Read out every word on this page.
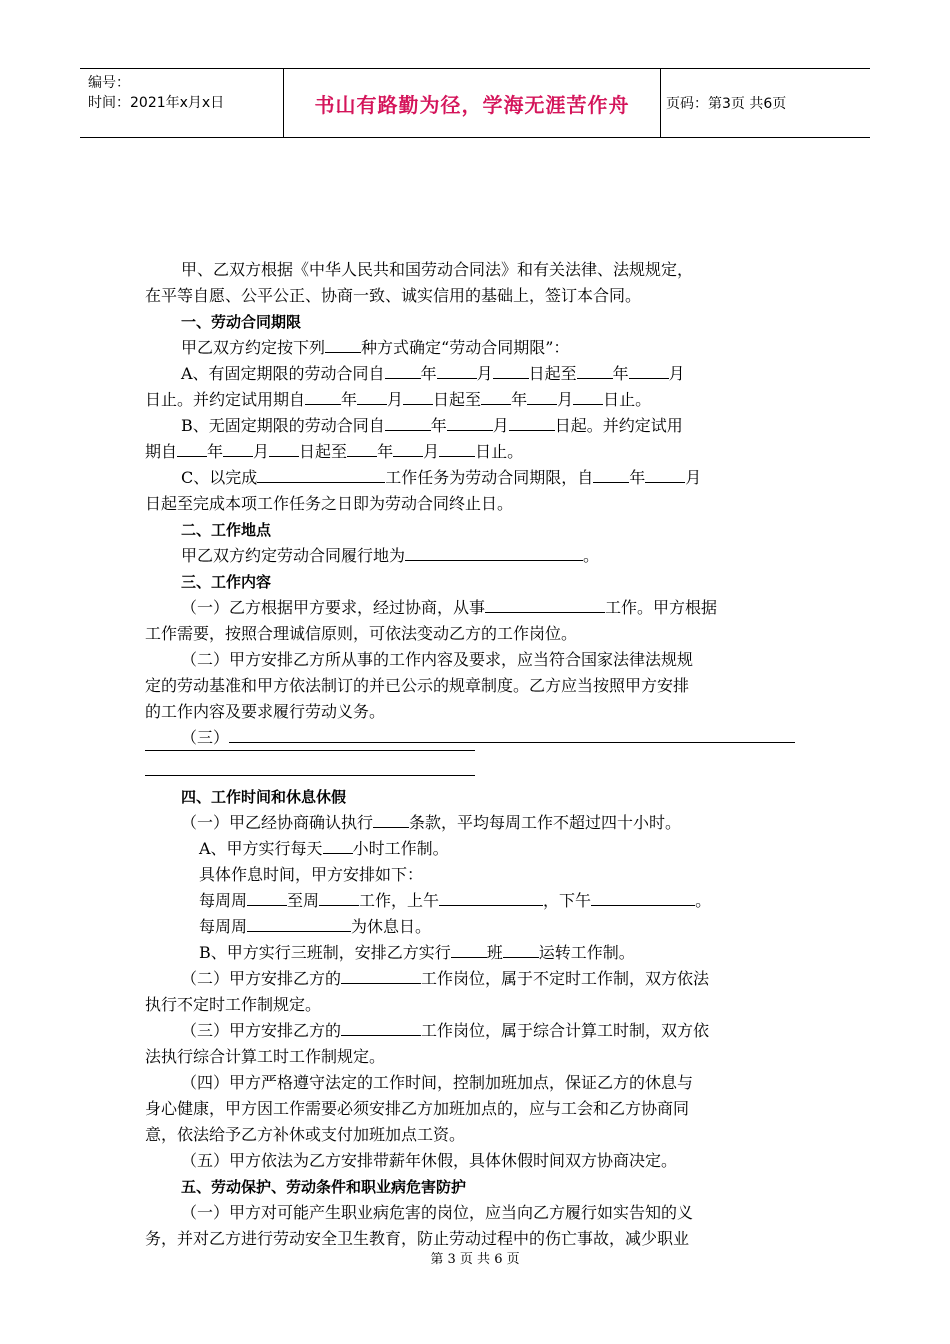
编号：
时间：2021年x月x日	书山有路勤为径，学海无涯苦作舟	页码：第3页 共6页
甲、乙双方根据《中华人民共和国劳动合同法》和有关法律、法规规定，
在平等自愿、公平公正、协商一致、诚实信用的基础上，签订本合同。
一、劳动合同期限
甲乙双方约定按下列 种方式确定“劳动合同期限”：
A、有固定期限的劳动合同自 年	月 日起至 年	月
日止。并约定试用期自 年 月 日起至 年 月 日止。
B、无固定期限的劳动合同自	年	月	日起。并约定试用
期自 年 月 日起至 年 月 日止。
C、以完成	工作任务为劳动合同期限，自 年	月
日起至完成本项工作任务之日即为劳动合同终止日。
二、工作地点
甲乙双方约定劳动合同履行地为	。
三、工作内容
（一）乙方根据甲方要求，经过协商，从事	工作。甲方根据
工作需要，按照合理诚信原则，可依法变动乙方的工作岗位。
（二）甲方安排乙方所从事的工作内容及要求，应当符合国家法律法规规
定的劳动基准和甲方依法制订的并已公示的规章制度。乙方应当按照甲方安排
的工作内容及要求履行劳动义务。
（三）
四、工作时间和休息休假
（一）甲乙经协商确认执行 条款，平均每周工作不超过四十小时。
A、甲方实行每天 小时工作制。
具体作息时间，甲方安排如下：
每周周	至周	工作，上午	，下午	。
每周周	为休息日。
B、甲方实行三班制，安排乙方实行 班 运转工作制。
（二）甲方安排乙方的	工作岗位，属于不定时工作制，双方依法
执行不定时工作制规定。
（三）甲方安排乙方的	工作岗位，属于综合计算工时制，双方依
法执行综合计算工时工作制规定。
（四）甲方严格遵守法定的工作时间，控制加班加点，保证乙方的休息与
身心健康，甲方因工作需要必须安排乙方加班加点的，应与工会和乙方协商同
意，依法给予乙方补休或支付加班加点工资。
（五）甲方依法为乙方安排带薪年休假，具体休假时间双方协商决定。
五、劳动保护、劳动条件和职业病危害防护
（一）甲方对可能产生职业病危害的岗位，应当向乙方履行如实告知的义
务，并对乙方进行劳动安全卫生教育，防止劳动过程中的伤亡事故，减少职业
第 3 页 共 6 页
